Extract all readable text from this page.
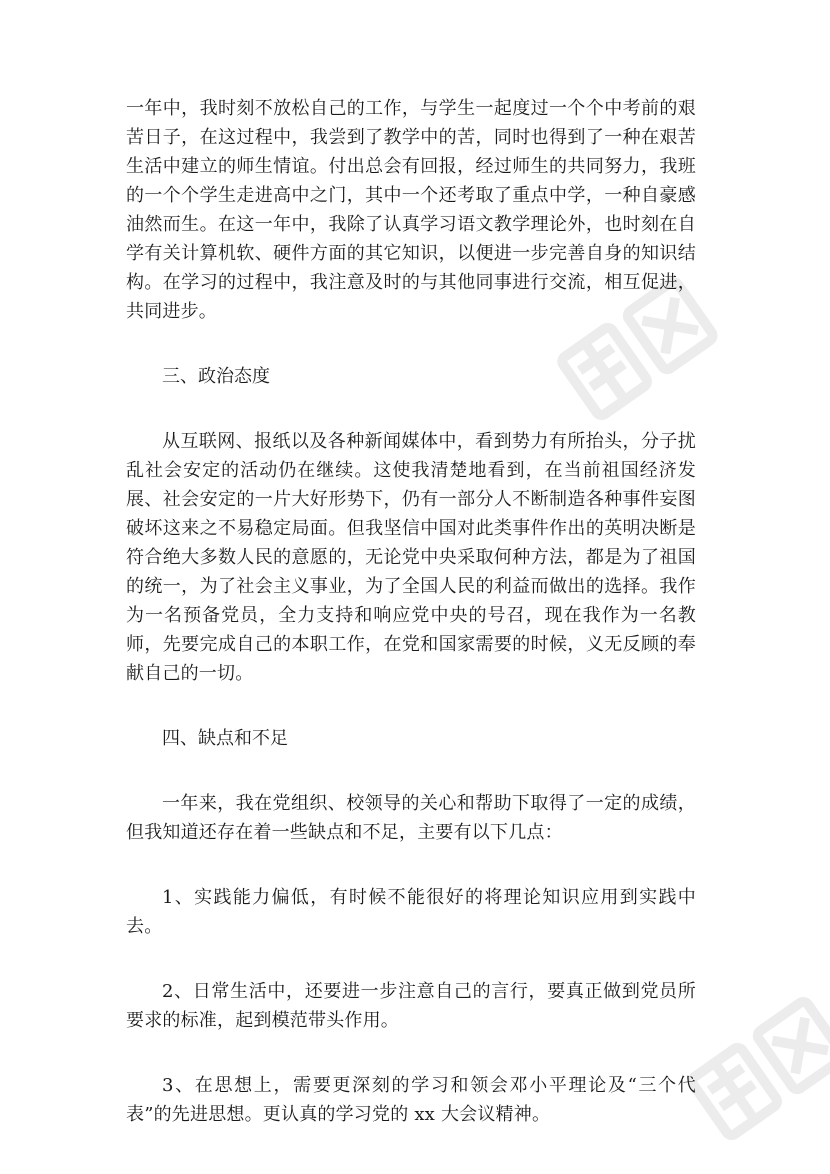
一年中，我时刻不放松自己的工作，与学生一起度过一个个中考前的艰苦日子，在这过程中，我尝到了教学中的苦，同时也得到了一种在艰苦生活中建立的师生情谊。付出总会有回报，经过师生的共同努力，我班的一个个学生走进高中之门，其中一个还考取了重点中学，一种自豪感油然而生。在这一年中，我除了认真学习语文教学理论外，也时刻在自学有关计算机软、硬件方面的其它知识，以便进一步完善自身的知识结构。在学习的过程中，我注意及时的与其他同事进行交流，相互促进，共同进步。

三、政治态度

从互联网、报纸以及各种新闻媒体中，看到势力有所抬头，分子扰乱社会安定的活动仍在继续。这使我清楚地看到，在当前祖国经济发展、社会安定的一片大好形势下，仍有一部分人不断制造各种事件妄图破坏这来之不易稳定局面。但我坚信中国对此类事件作出的英明决断是符合绝大多数人民的意愿的，无论党中央采取何种方法，都是为了祖国的统一，为了社会主义事业，为了全国人民的利益而做出的选择。我作为一名预备党员，全力支持和响应党中央的号召，现在我作为一名教师，先要完成自己的本职工作，在党和国家需要的时候，义无反顾的奉献自己的一切。

四、缺点和不足

一年来，我在党组织、校领导的关心和帮助下取得了一定的成绩，但我知道还存在着一些缺点和不足，主要有以下几点：

1、实践能力偏低，有时候不能很好的将理论知识应用到实践中去。

2、日常生活中，还要进一步注意自己的言行，要真正做到党员所要求的标准，起到模范带头作用。

3、在思想上，需要更深刻的学习和领会邓小平理论及“三个代表”的先进思想。更认真的学习党的 xx 大会议精神。
